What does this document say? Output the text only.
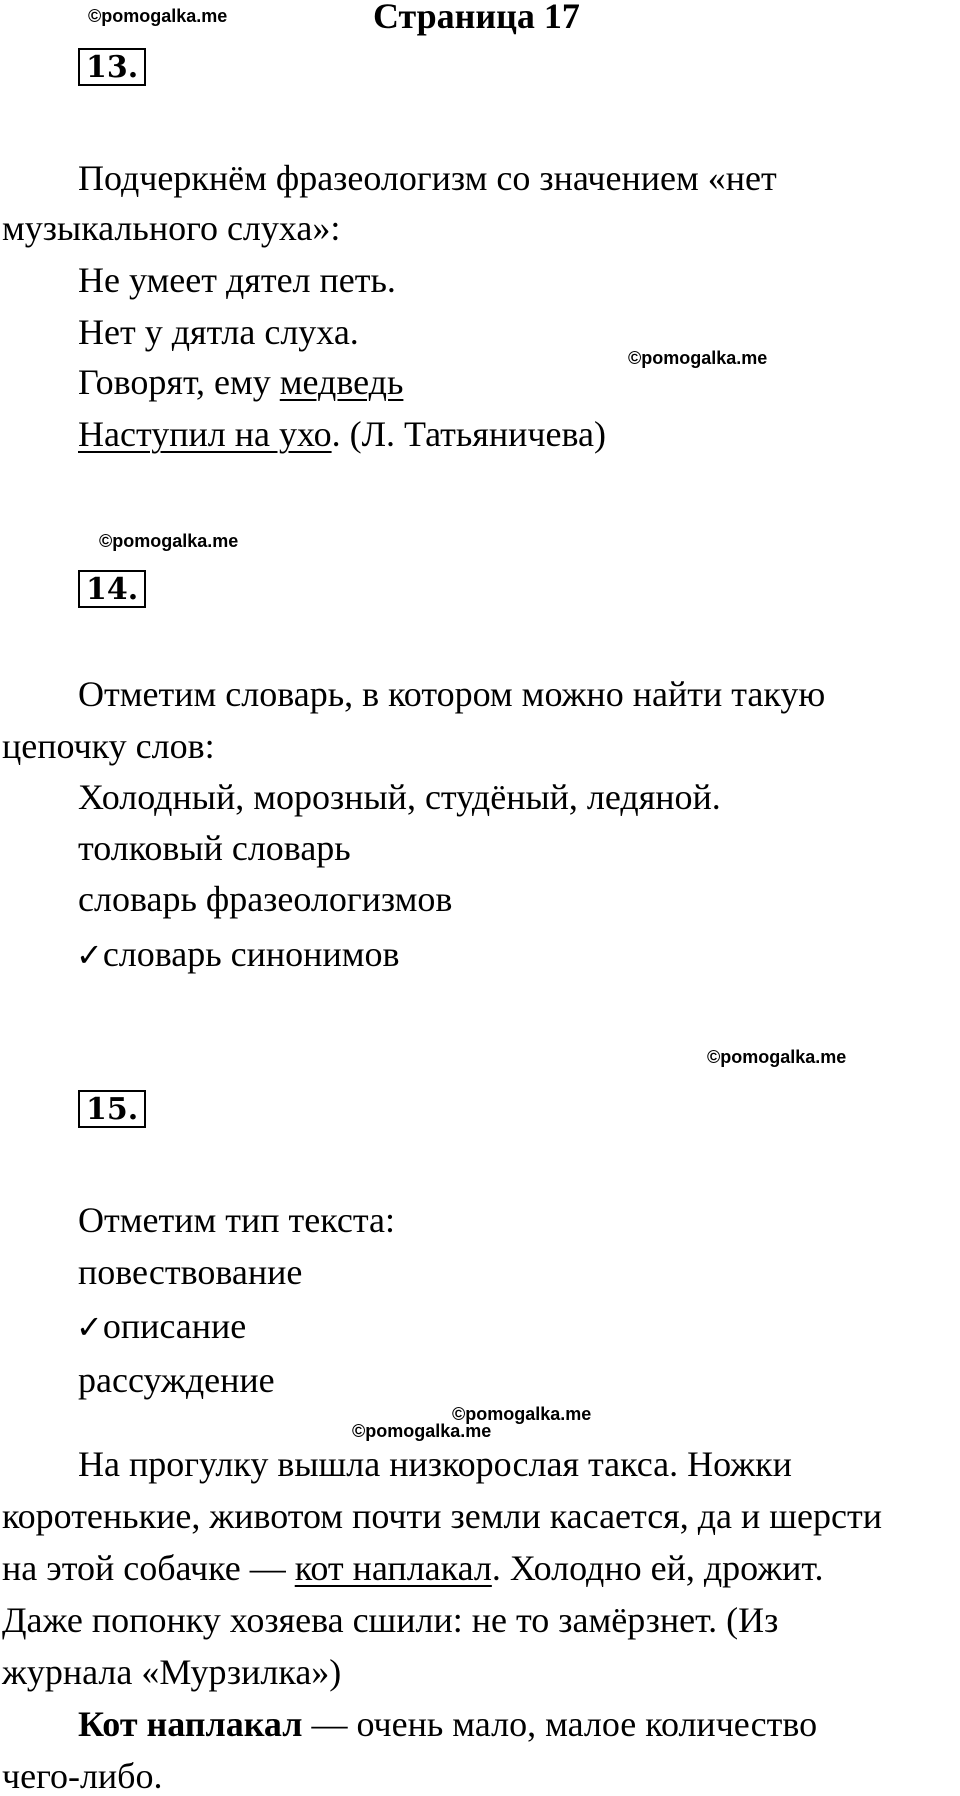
©pomogalka.me	Страница 17
13 .
Подчеркнём фразеологизм со значением «нет
музыкального слуха»:
Не умеет дятел петь.
Нет у дятла слуха.
©pomogalka.me
Говорят, ему медведь
Наступил на ухо. (Л. Татьяничева)
©pomogalka.me
14 .
Отметим словарь, в котором можно найти такую
цепочку слов:
Холодный, морозный, студёный, ледяной.
толковый словарь
словарь фразеологизмов
✓словарь синонимов
©pomogalka.me
15 .
Отметим тип текста:
повествование
✓описание
рассуждение
©pomogalka.me
©pomogalka.me
На прогулку вышла низкорослая такса. Ножки
коротенькие, животом почти земли касается, да и шерсти
на этой собачке — кот наплакал. Холодно ей, дрожит.
Даже попонку хозяева сшили: не то замёрзнет. (Из
журнала «Мурзилка»)
Кот наплакал — очень мало, малое количество
чего-либо.
